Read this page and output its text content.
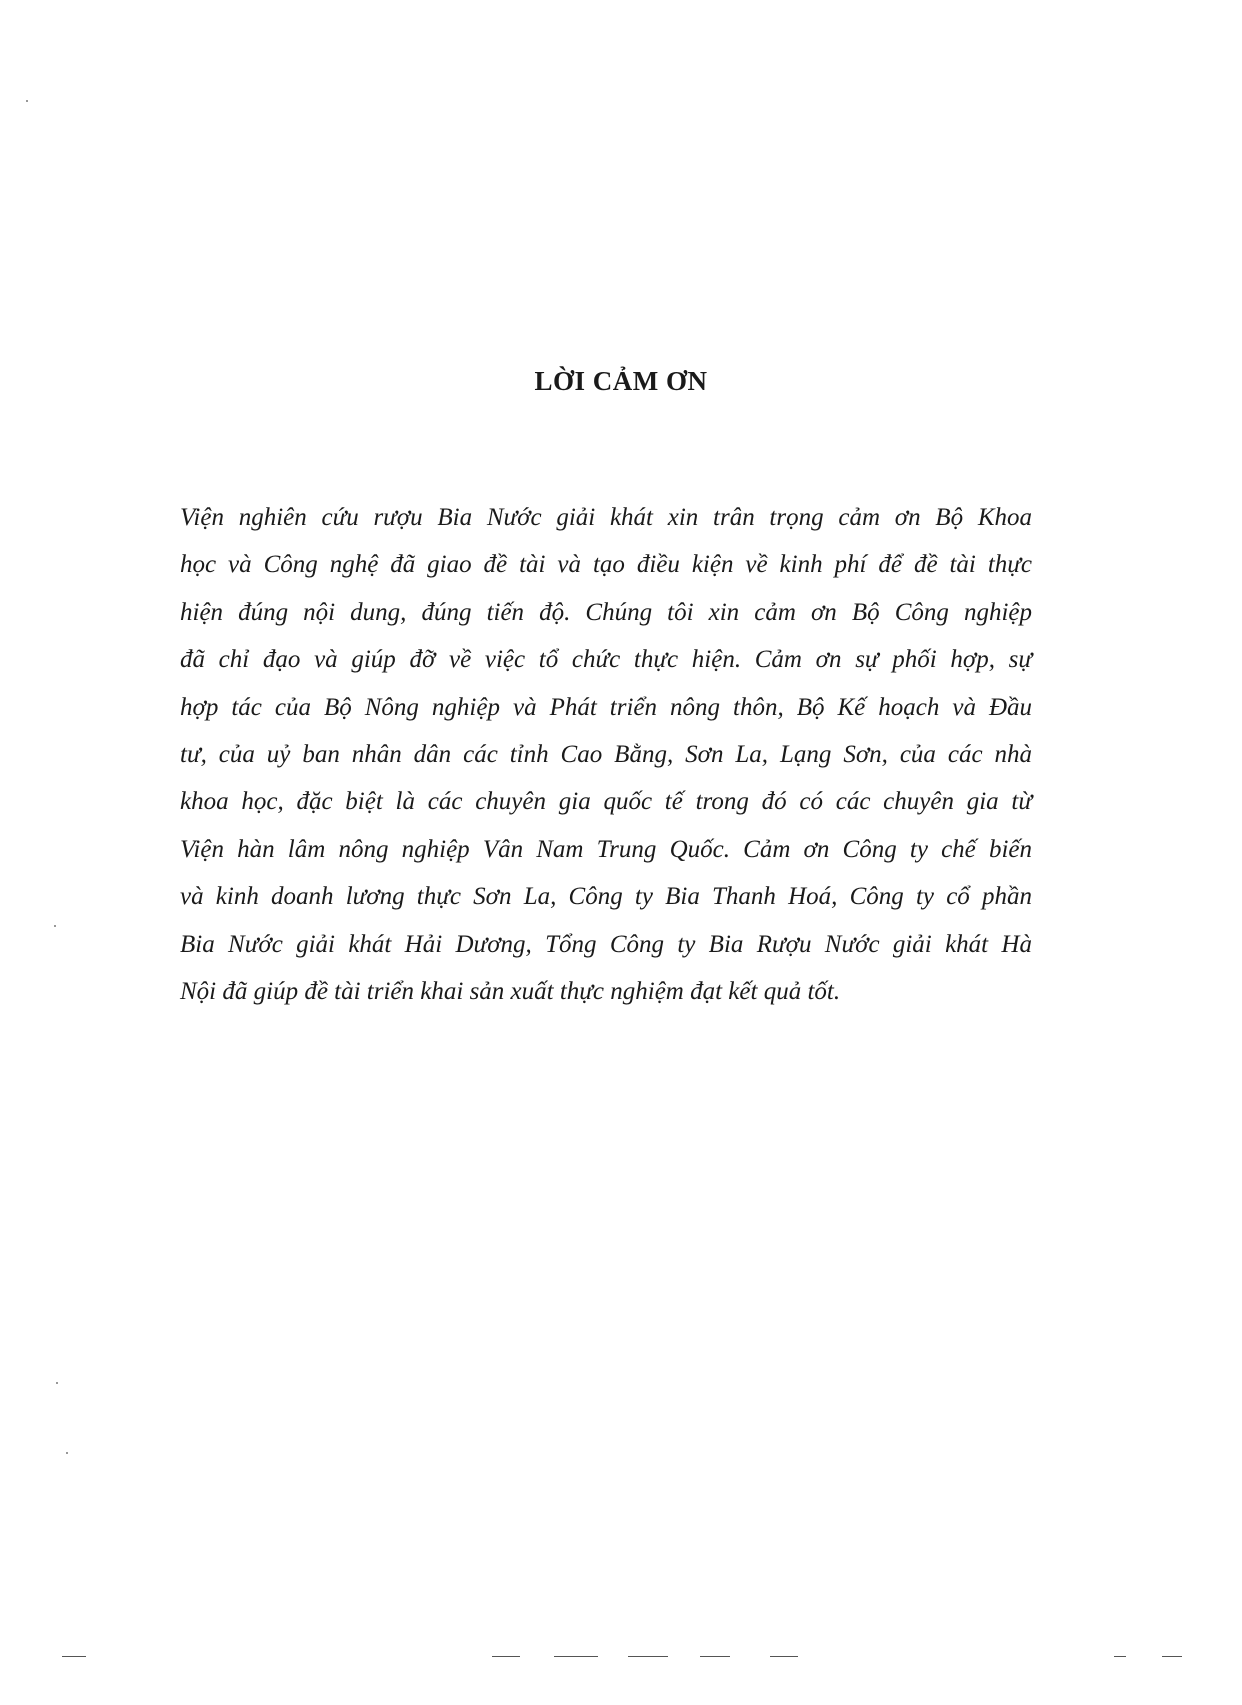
LỜI CẢM ƠN

Viện nghiên cứu rượu Bia Nước giải khát xin trân trọng cảm ơn Bộ Khoa
học và Công nghệ đã giao đề tài và tạo điều kiện về kinh phí để đề tài thực
hiện đúng nội dung, đúng tiến độ. Chúng tôi xin cảm ơn Bộ Công nghiệp
đã chỉ đạo và giúp đỡ về việc tổ chức thực hiện. Cảm ơn sự phối hợp, sự
hợp tác của Bộ Nông nghiệp và Phát triển nông thôn, Bộ Kế hoạch và Đầu
tư, của uỷ ban nhân dân các tỉnh Cao Bằng, Sơn La, Lạng Sơn, của các nhà
khoa học, đặc biệt là các chuyên gia quốc tế trong đó có các chuyên gia từ
Viện hàn lâm nông nghiệp Vân Nam Trung Quốc. Cảm ơn Công ty chế biến
và kinh doanh lương thực Sơn La, Công ty Bia Thanh Hoá, Công ty cổ phần
Bia Nước giải khát Hải Dương, Tổng Công ty Bia Rượu Nước giải khát Hà
Nội đã giúp đề tài triển khai sản xuất thực nghiệm đạt kết quả tốt.
